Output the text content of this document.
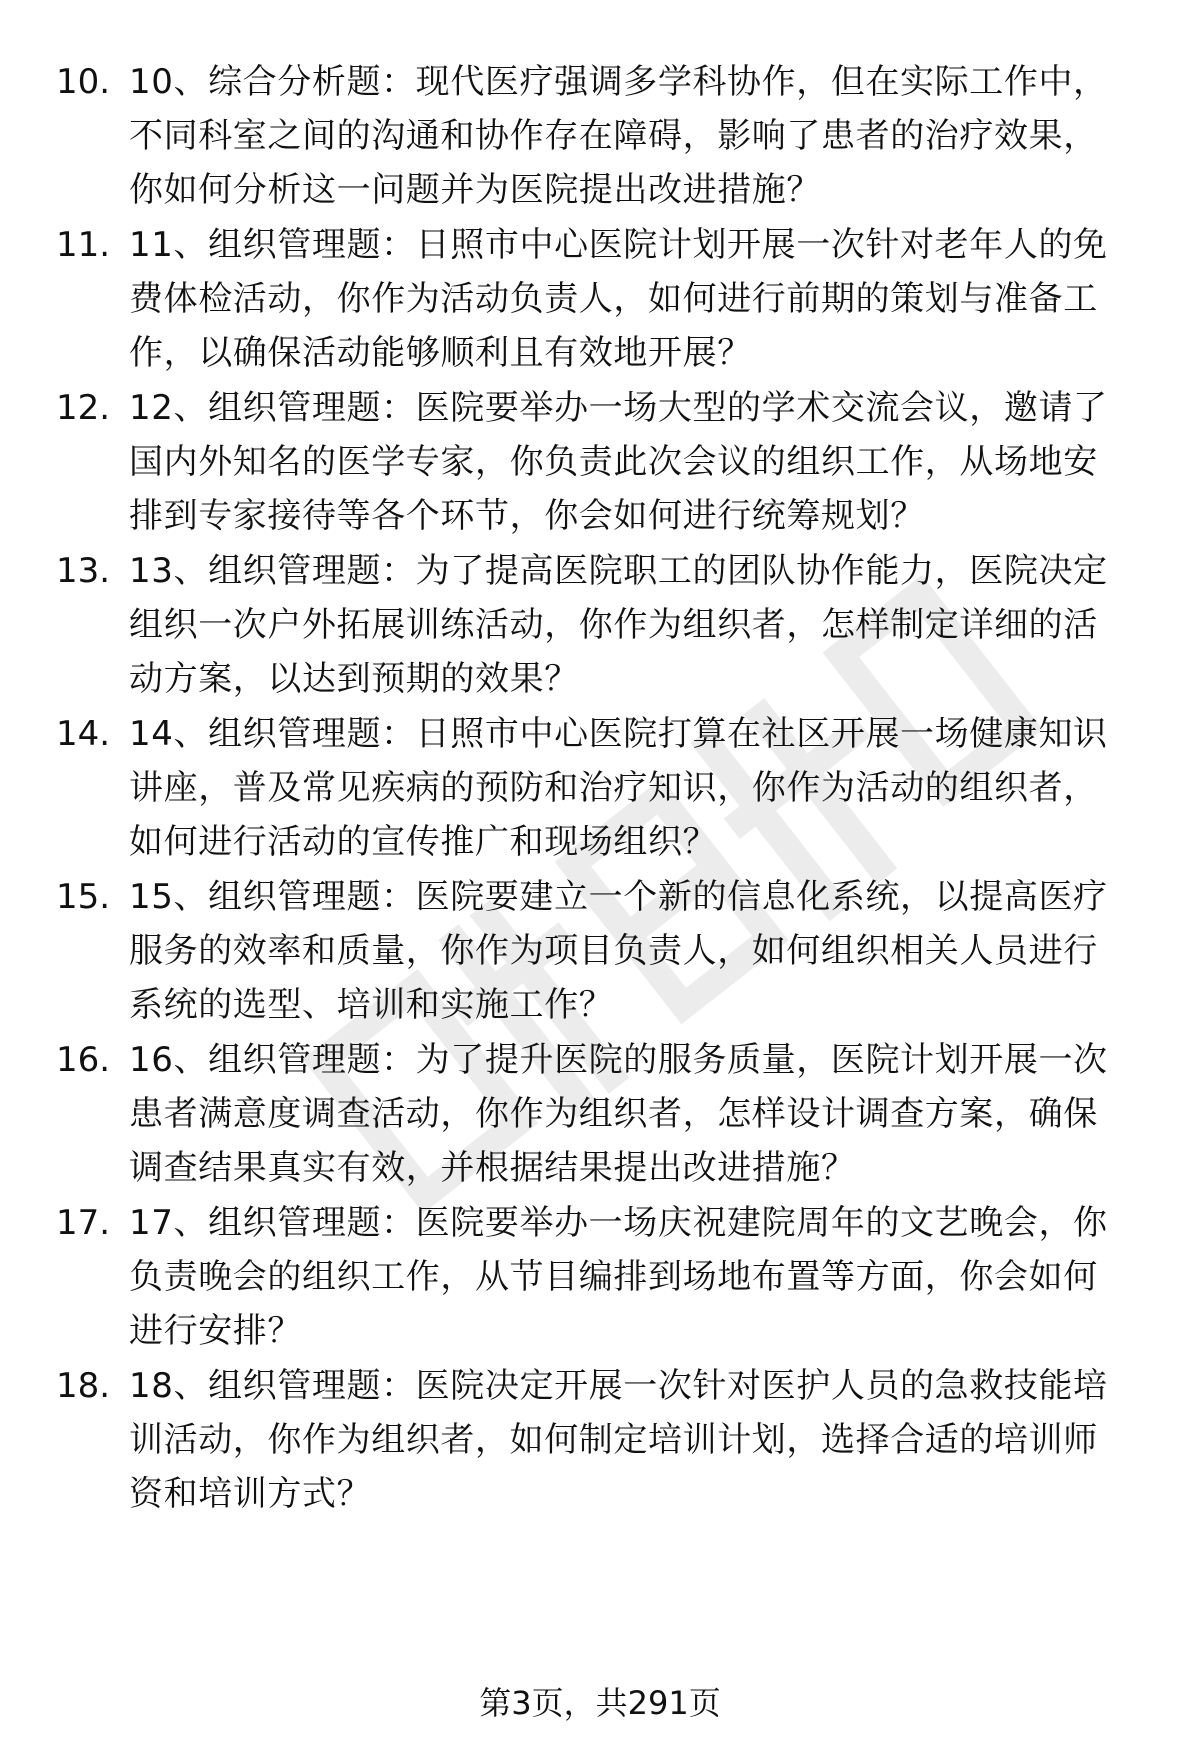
10. 10、综合分析题：现代医疗强调多学科协作，但在实际工作中，
不同科室之间的沟通和协作存在障碍，影响了患者的治疗效果，
你如何分析这一问题并为医院提出改进措施？
11. 11、组织管理题：日照市中心医院计划开展一次针对老年人的免
费体检活动，你作为活动负责人，如何进行前期的策划与准备工
作，以确保活动能够顺利且有效地开展？
12. 12、组织管理题：医院要举办一场大型的学术交流会议，邀请了
国内外知名的医学专家，你负责此次会议的组织工作，从场地安
排到专家接待等各个环节，你会如何进行统筹规划？
13. 13、组织管理题：为了提高医院职工的团队协作能力，医院决定
组织一次户外拓展训练活动，你作为组织者，怎样制定详细的活
动方案，以达到预期的效果？
14. 14、组织管理题：日照市中心医院打算在社区开展一场健康知识
讲座，普及常见疾病的预防和治疗知识，你作为活动的组织者，
如何进行活动的宣传推广和现场组织？
15. 15、组织管理题：医院要建立一个新的信息化系统，以提高医疗
服务的效率和质量，你作为项目负责人，如何组织相关人员进行
系统的选型、培训和实施工作？
16. 16、组织管理题：为了提升医院的服务质量，医院计划开展一次
患者满意度调查活动，你作为组织者，怎样设计调查方案，确保
调查结果真实有效，并根据结果提出改进措施？
17. 17、组织管理题：医院要举办一场庆祝建院周年的文艺晚会，你
负责晚会的组织工作，从节目编排到场地布置等方面，你会如何
进行安排？
18. 18、组织管理题：医院决定开展一次针对医护人员的急救技能培
训活动，你作为组织者，如何制定培训计划，选择合适的培训师
资和培训方式？
第3页，共291页
